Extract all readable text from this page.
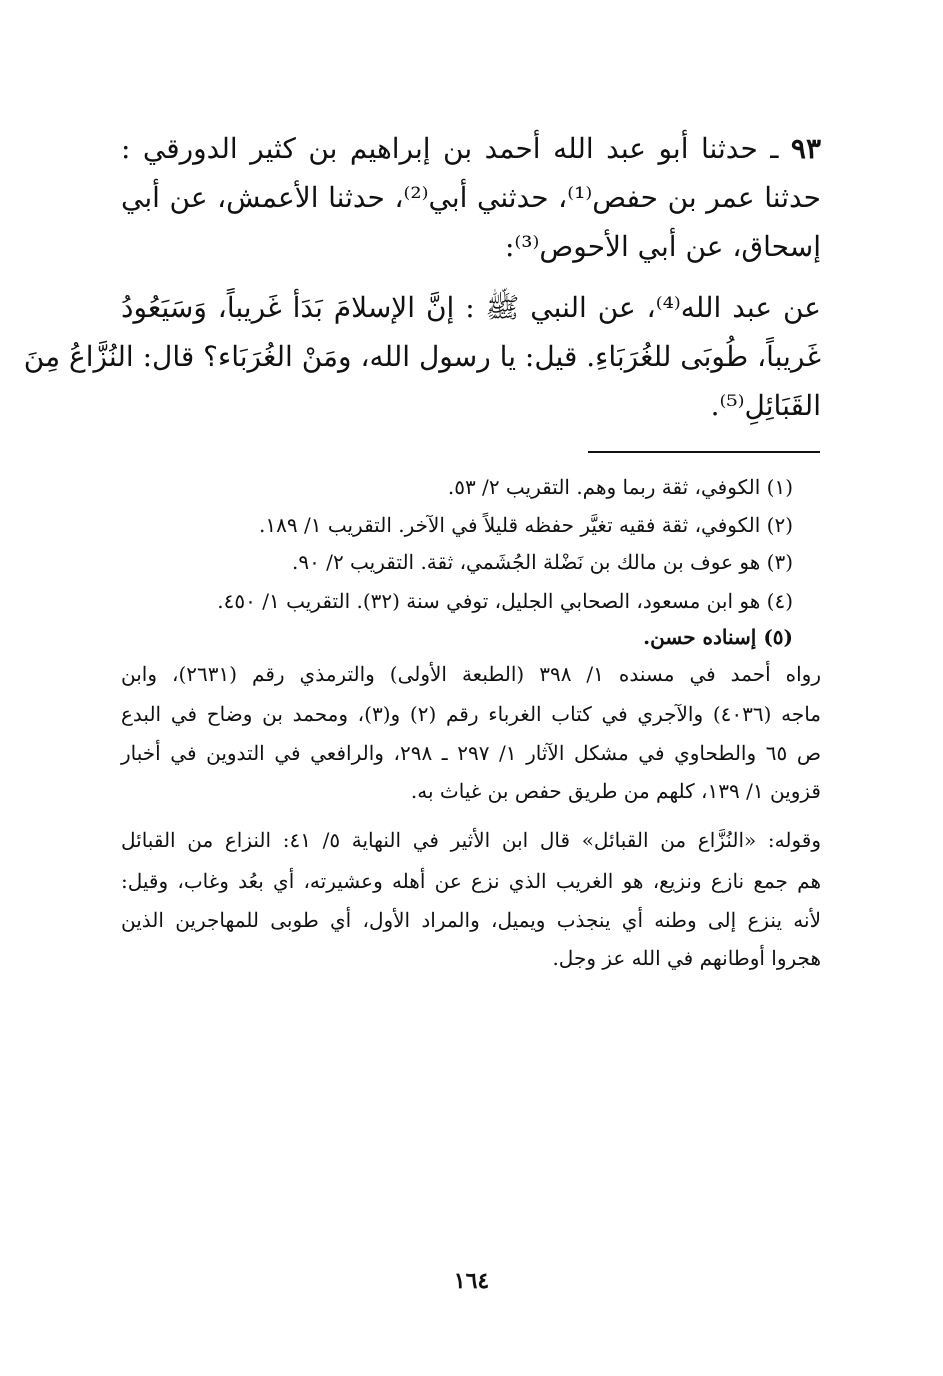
٩٣ ـ حدثنا أبو عبد الله أحمد بن إبراهيم بن كثير الدورقي :
حدثنا عمر بن حفص⁽¹⁾، حدثني أبي⁽²⁾، حدثنا الأعمش، عن أبي
إسحاق، عن أبي الأحوص⁽³⁾:
عن عبد الله⁽⁴⁾، عن النبي ﷺ : إنَّ الإسلامَ بَدَأ غَريباً، وَسَيَعُودُ
غَريباً، طُوبَى للغُرَبَاءِ. قيل: يا رسول الله، ومَنْ الغُرَبَاء؟ قال: النُزَّاعُ مِنَ
القَبَائِلِ⁽⁵⁾.
(١) الكوفي، ثقة ربما وهم. التقريب ٢/ ٥٣.
(٢) الكوفي، ثقة فقيه تغيَّر حفظه قليلاً في الآخر. التقريب ١/ ١٨٩.
(٣) هو عوف بن مالك بن نَضْلة الجُشَمي، ثقة. التقريب ٢/ ٩٠.
(٤) هو ابن مسعود، الصحابي الجليل، توفي سنة (٣٢). التقريب ١/ ٤٥٠.
(٥) إسناده حسن.
رواه أحمد في مسنده ١/ ٣٩٨ (الطبعة الأولى) والترمذي رقم (٢٦٣١)، وابن
ماجه (٤٠٣٦) والآجري في كتاب الغرباء رقم (٢) و(٣)، ومحمد بن وضاح في البدع
ص ٦٥ والطحاوي في مشكل الآثار ١/ ٢٩٧ ـ ٢٩٨، والرافعي في التدوين في أخبار
قزوين ١/ ١٣٩، كلهم من طريق حفص بن غياث به.
وقوله: «النُزَّاع من القبائل» قال ابن الأثير في النهاية ٥/ ٤١: النزاع من القبائل
هم جمع نازع ونزيع، هو الغريب الذي نزع عن أهله وعشيرته، أي بعُد وغاب، وقيل:
لأنه ينزع إلى وطنه أي ينجذب ويميل، والمراد الأول، أي طوبى للمهاجرين الذين
هجروا أوطانهم في الله عز وجل.
١٦٤
